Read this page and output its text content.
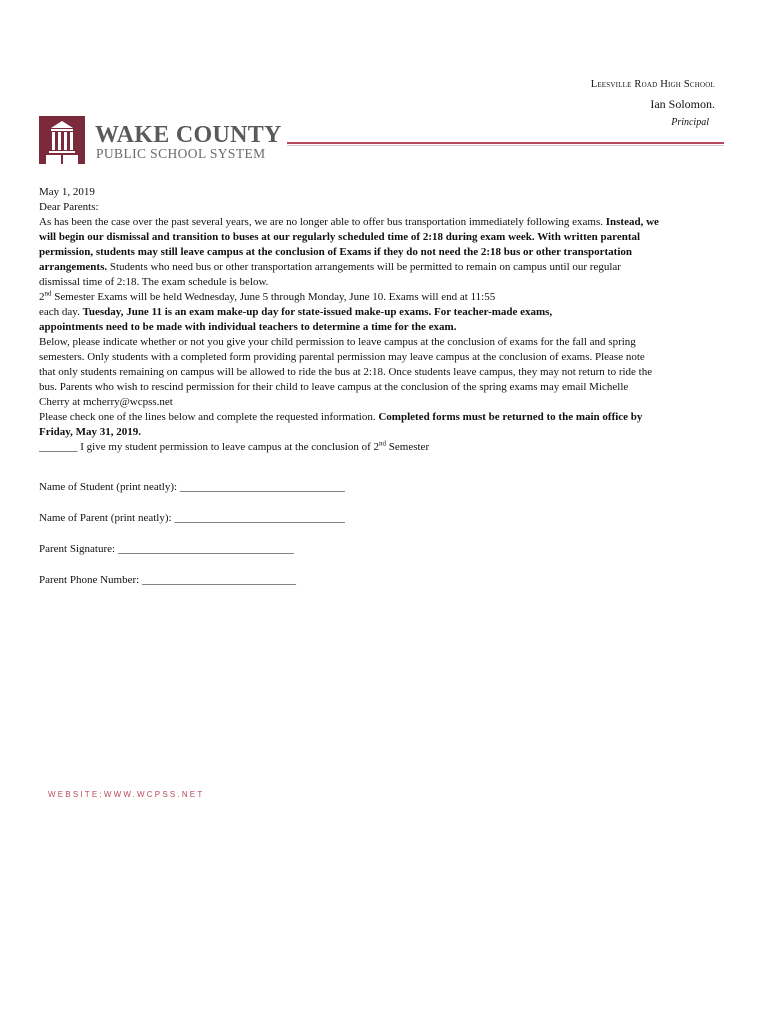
Leesville Road High School
Ian Solomon.
Principal
WAKE COUNTY
PUBLIC SCHOOL SYSTEM

May 1, 2019

Dear Parents:

As has been the case over the past several years, we are no longer able to offer bus transportation immediately following exams. Instead, we will begin our dismissal and transition to buses at our regularly scheduled time of 2:18 during exam week. With written parental permission, students may still leave campus at the conclusion of Exams if they do not need the 2:18 bus or other transportation arrangements. Students who need bus or other transportation arrangements will be permitted to remain on campus until our regular dismissal time of 2:18. The exam schedule is below.

2nd Semester Exams will be held Wednesday, June 5 through Monday, June 10. Exams will end at 11:55
each day. Tuesday, June 11 is an exam make-up day for state-issued make-up exams. For teacher-made exams, appointments need to be made with individual teachers to determine a time for the exam.

Below, please indicate whether or not you give your child permission to leave campus at the conclusion of exams for the fall and spring semesters. Only students with a completed form providing parental permission may leave campus at the conclusion of exams. Please note that only students remaining on campus will be allowed to ride the bus at 2:18. Once students leave campus, they may not return to ride the bus. Parents who wish to rescind permission for their child to leave campus at the conclusion of the spring exams may email Michelle Cherry at mcherry@wcpss.net

Please check one of the lines below and complete the requested information. Completed forms must be returned to the main office by Friday, May 31, 2019.

_______ I give my student permission to leave campus at the conclusion of 2nd Semester

Name of Student (print neatly): ______________________________

Name of Parent (print neatly): _______________________________

Parent Signature: ________________________________

Parent Phone Number: ____________________________

WEBSITE:WWW.WCPSS.NET
